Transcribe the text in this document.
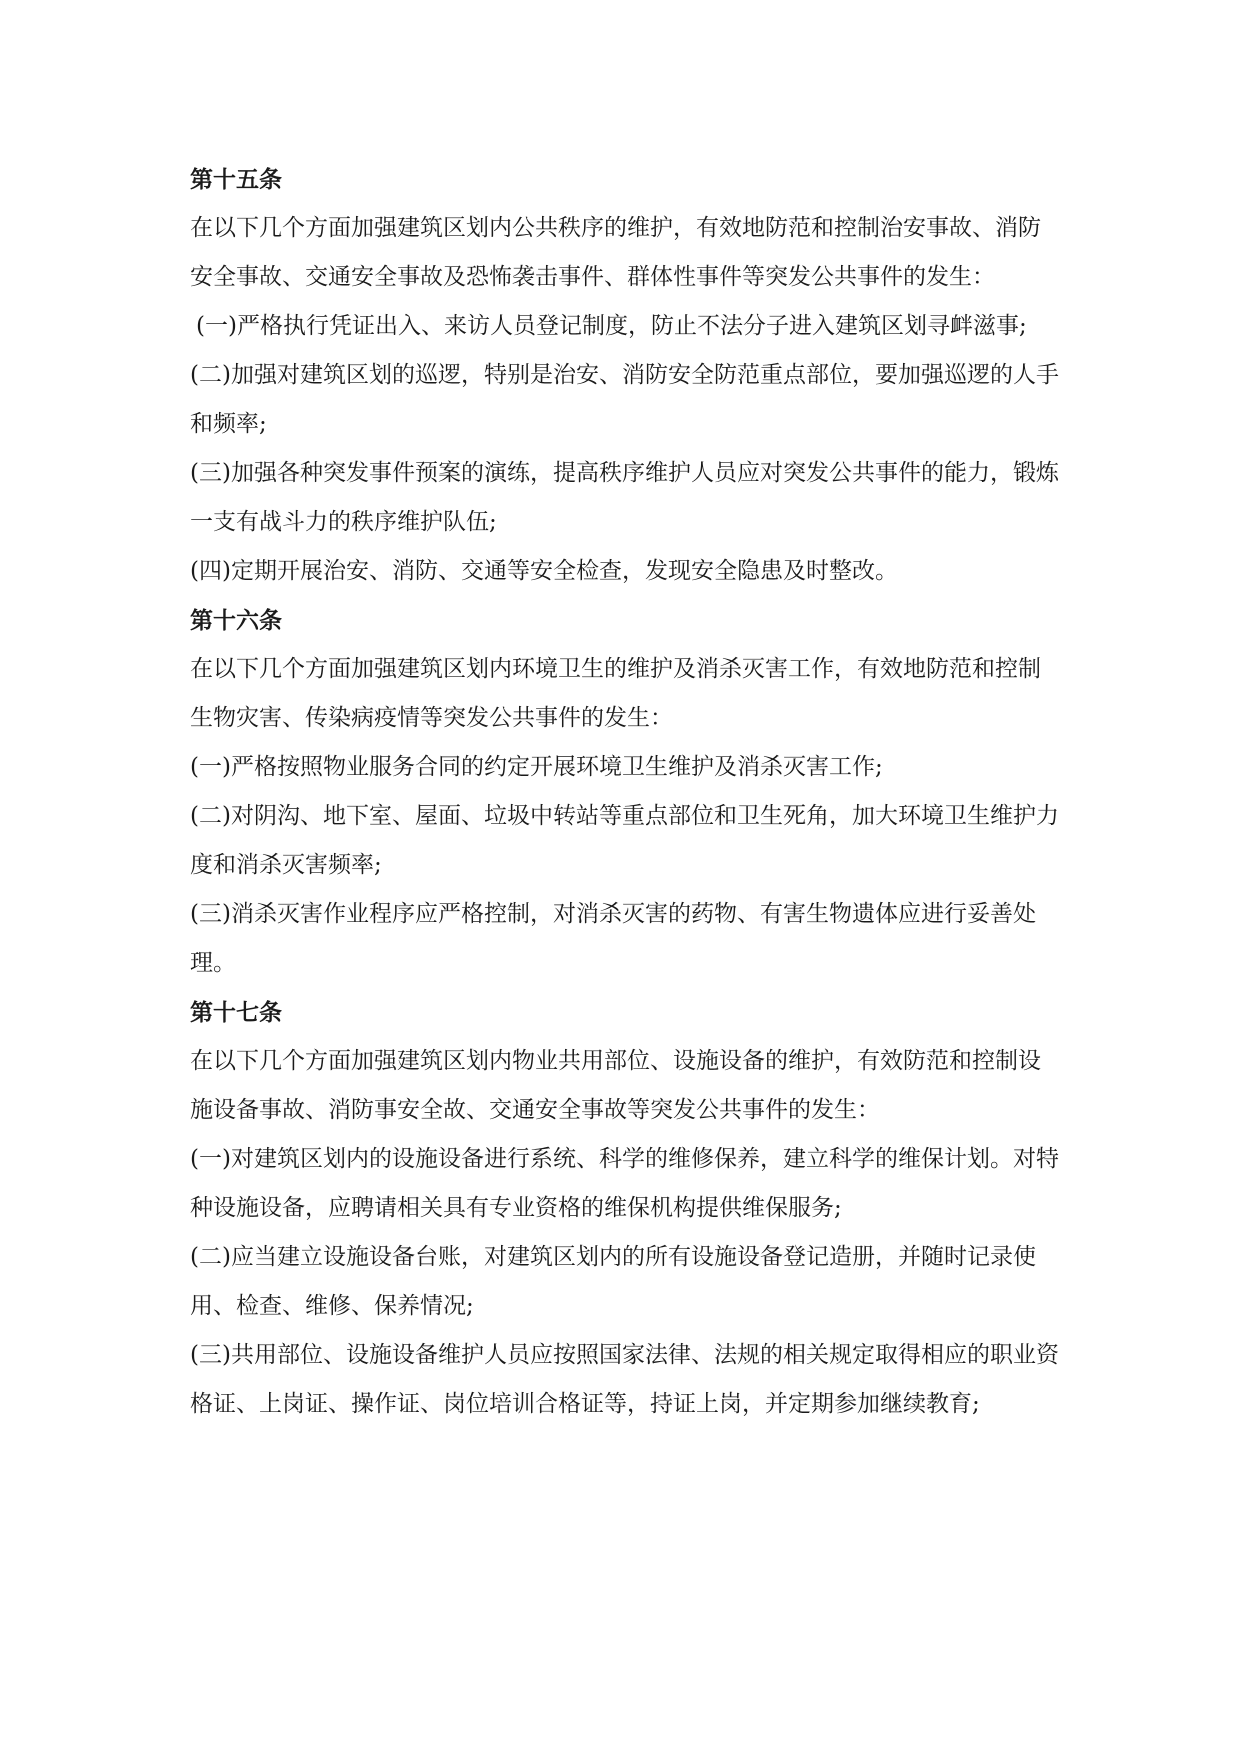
第十五条

在以下几个方面加强建筑区划内公共秩序的维护，有效地防范和控制治安事故、消防安全事故、交通安全事故及恐怖袭击事件、群体性事件等突发公共事件的发生：

(一)严格执行凭证出入、来访人员登记制度，防止不法分子进入建筑区划寻衅滋事;

(二)加强对建筑区划的巡逻，特别是治安、消防安全防范重点部位，要加强巡逻的人手和频率;

(三)加强各种突发事件预案的演练，提高秩序维护人员应对突发公共事件的能力，锻炼一支有战斗力的秩序维护队伍;

(四)定期开展治安、消防、交通等安全检查，发现安全隐患及时整改。

第十六条

在以下几个方面加强建筑区划内环境卫生的维护及消杀灭害工作，有效地防范和控制生物灾害、传染病疫情等突发公共事件的发生：

(一)严格按照物业服务合同的约定开展环境卫生维护及消杀灭害工作;

(二)对阴沟、地下室、屋面、垃圾中转站等重点部位和卫生死角，加大环境卫生维护力度和消杀灭害频率;

(三)消杀灭害作业程序应严格控制，对消杀灭害的药物、有害生物遗体应进行妥善处理。

第十七条

在以下几个方面加强建筑区划内物业共用部位、设施设备的维护，有效防范和控制设施设备事故、消防事安全故、交通安全事故等突发公共事件的发生：

(一)对建筑区划内的设施设备进行系统、科学的维修保养，建立科学的维保计划。对特种设施设备，应聘请相关具有专业资格的维保机构提供维保服务;

(二)应当建立设施设备台账，对建筑区划内的所有设施设备登记造册，并随时记录使用、检查、维修、保养情况;

(三)共用部位、设施设备维护人员应按照国家法律、法规的相关规定取得相应的职业资格证、上岗证、操作证、岗位培训合格证等，持证上岗，并定期参加继续教育;
